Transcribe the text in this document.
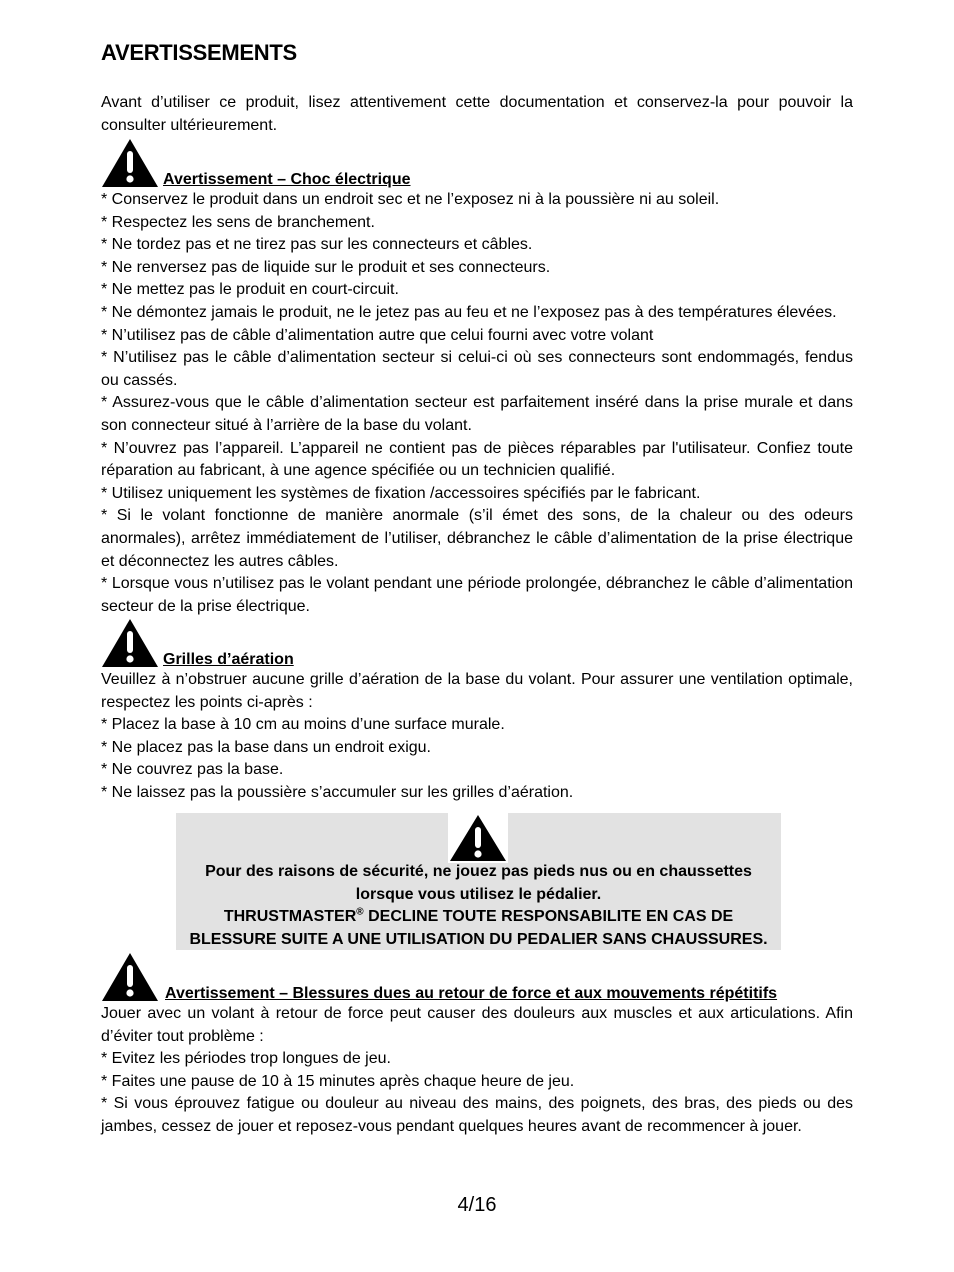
AVERTISSEMENTS

Avant d’utiliser ce produit, lisez attentivement cette documentation et conservez-la pour pouvoir la consulter ultérieurement.

Avertissement – Choc électrique

* Conservez le produit dans un endroit sec et ne l’exposez ni à la poussière ni au soleil.

* Respectez les sens de branchement.

* Ne tordez pas et ne tirez pas sur les connecteurs et câbles.

* Ne renversez pas de liquide sur le produit et ses connecteurs.

* Ne mettez pas le produit en court-circuit.

* Ne démontez jamais le produit, ne le jetez pas au feu et ne l’exposez pas à des températures élevées.

* N’utilisez pas de câble d’alimentation autre que celui fourni avec votre volant

* N’utilisez pas le câble d’alimentation secteur si celui-ci où ses connecteurs sont endommagés, fendus ou cassés.

* Assurez-vous que le câble d’alimentation secteur est parfaitement inséré dans la prise murale et dans son connecteur situé à l’arrière de la base du volant.

* N’ouvrez pas l’appareil. L’appareil ne contient pas de pièces réparables par l'utilisateur. Confiez toute réparation au fabricant, à une agence spécifiée ou un technicien qualifié.

* Utilisez uniquement les systèmes de fixation /accessoires spécifiés par le fabricant.

* Si le volant fonctionne de manière anormale (s’il émet des sons, de la chaleur ou des odeurs anormales), arrêtez immédiatement de l’utiliser, débranchez le câble d’alimentation de la prise électrique et déconnectez les autres câbles.

* Lorsque vous n’utilisez pas le volant pendant une période prolongée, débranchez le câble d’alimentation secteur de la prise électrique.

Grilles d’aération

Veuillez à n’obstruer aucune grille d’aération de la base du volant. Pour assurer une ventilation optimale, respectez les points ci-après :

* Placez la base à 10 cm au moins d’une surface murale.

* Ne placez pas la base dans un endroit exigu.

* Ne couvrez pas la base.

* Ne laissez pas la poussière s’accumuler sur les grilles d’aération.

Avertissement – Blessures dues au retour de force et aux mouvements répétitifs

Jouer avec un volant à retour de force peut causer des douleurs aux muscles et aux articulations. Afin d’éviter tout problème :

* Evitez les périodes trop longues de jeu.

* Faites une pause de 10 à 15 minutes après chaque heure de jeu.

* Si vous éprouvez fatigue ou douleur au niveau des mains, des poignets, des bras, des pieds ou des jambes, cessez de jouer et reposez-vous pendant quelques heures avant de recommencer à jouer.

Pour des raisons de sécurité, ne jouez pas pieds nus ou en chaussettes
lorsque vous utilisez le pédalier.
THRUSTMASTER® DECLINE TOUTE RESPONSABILITE EN CAS DE
BLESSURE SUITE A UNE UTILISATION DU PEDALIER SANS CHAUSSURES.
4/16
